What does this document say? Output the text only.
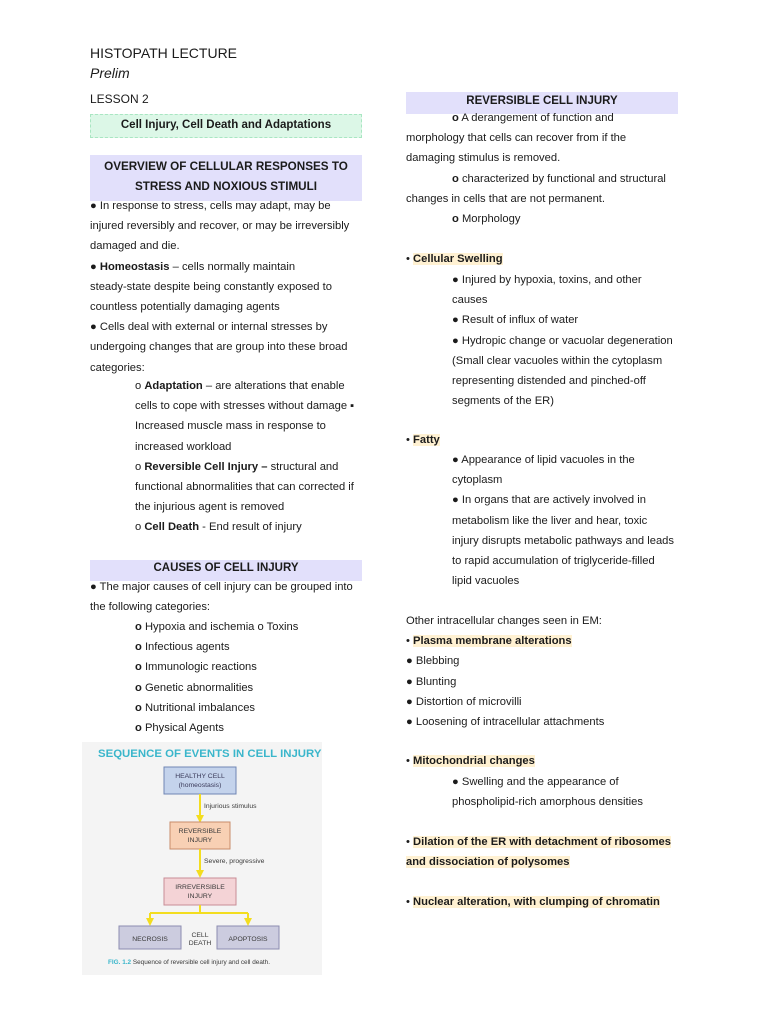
HISTOPATH LECTURE
Prelim
LESSON 2
Cell Injury, Cell Death and Adaptations
OVERVIEW OF CELLULAR RESPONSES TO
STRESS AND NOXIOUS STIMULI
● In response to stress, cells may adapt, may be
injured reversibly and recover, or may be irreversibly
damaged and die.
● Homeostasis – cells normally maintain
steady-state despite being constantly exposed to
countless potentially damaging agents
● Cells deal with external or internal stresses by
undergoing changes that are group into these broad
categories:
o Adaptation – are alterations that enable
cells to cope with stresses without damage ▪
Increased muscle mass in response to
increased workload
o Reversible Cell Injury – structural and
functional abnormalities that can corrected if
the injurious agent is removed
o Cell Death - End result of injury
CAUSES OF CELL INJURY
● The major causes of cell injury can be grouped into
the following categories:
o Hypoxia and ischemia o Toxins
o Infectious agents
o Immunologic reactions
o Genetic abnormalities
o Nutritional imbalances
o Physical Agents
SEQUENCE OF EVENTS IN CELL INJURY
HEALTHY CELL
(homeostasis)
Injurious stimulus
REVERSIBLE
INJURY
Severe, progressive
IRREVERSIBLE
INJURY
NECROSIS
CELL
DEATH
APOPTOSIS
FIG. 1.2 Sequence of reversible cell injury and cell death.
REVERSIBLE CELL INJURY
o A derangement of function and
morphology that cells can recover from if the
damaging stimulus is removed.
o characterized by functional and structural
changes in cells that are not permanent.
o Morphology
• Cellular Swelling
● Injured by hypoxia, toxins, and other
causes
● Result of influx of water
● Hydropic change or vacuolar degeneration
(Small clear vacuoles within the cytoplasm
representing distended and pinched-off
segments of the ER)
• Fatty
● Appearance of lipid vacuoles in the
cytoplasm
● In organs that are actively involved in
metabolism like the liver and hear, toxic
injury disrupts metabolic pathways and leads
to rapid accumulation of triglyceride-filled
lipid vacuoles
Other intracellular changes seen in EM:
• Plasma membrane alterations
● Blebbing
● Blunting
● Distortion of microvilli
● Loosening of intracellular attachments
• Mitochondrial changes
● Swelling and the appearance of
phospholipid-rich amorphous densities
• Dilation of the ER with detachment of ribosomes
and dissociation of polysomes
• Nuclear alteration, with clumping of chromatin
